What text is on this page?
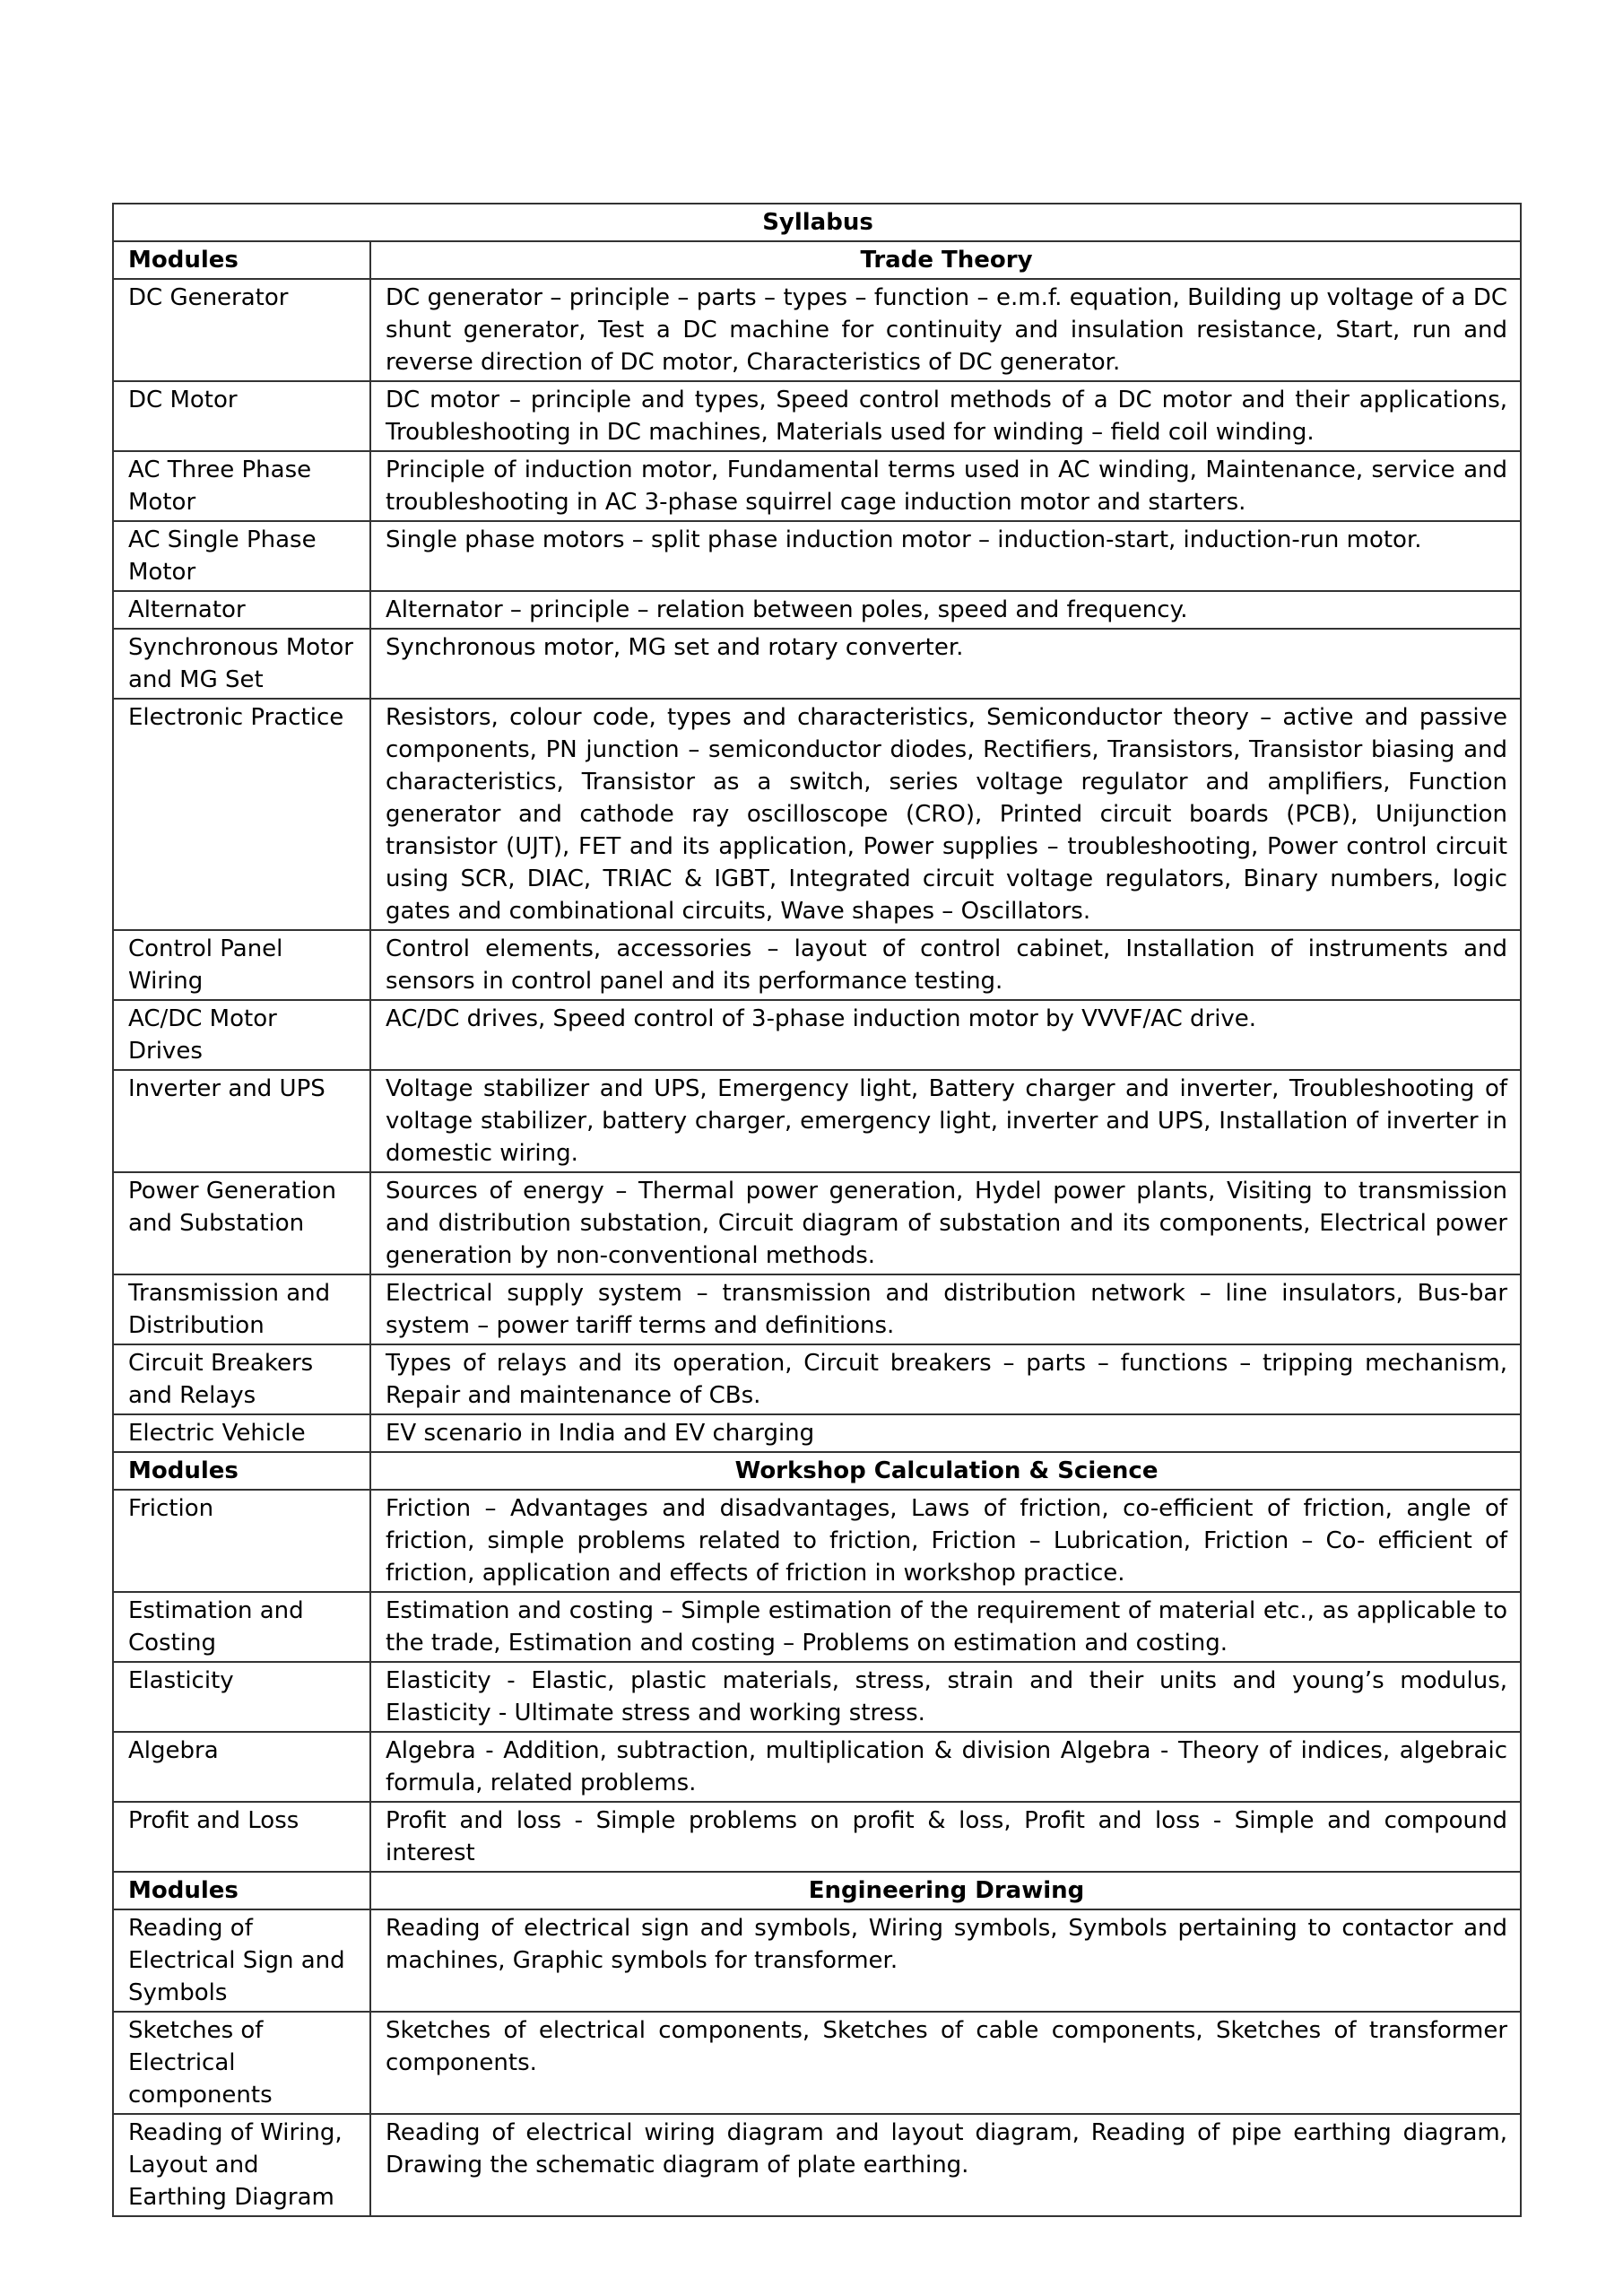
Syllabus	
Modules	Trade Theory
DC Generator	DC generator – principle – parts – types – function – e.m.f. equation, Building up voltage of a DC shunt generator, Test a DC machine for continuity and insulation resistance, Start, run and reverse direction of DC motor, Characteristics of DC generator.
DC Motor	DC motor – principle and types, Speed control methods of a DC motor and their applications, Troubleshooting in DC machines, Materials used for winding – field coil winding.
AC Three Phase Motor	Principle of induction motor, Fundamental terms used in AC winding, Maintenance, service and troubleshooting in AC 3-phase squirrel cage induction motor and starters.
AC Single Phase Motor	Single phase motors – split phase induction motor – induction-start, induction-run motor.
Alternator	Alternator – principle – relation between poles, speed and frequency.
Synchronous Motor and MG Set	Synchronous motor, MG set and rotary converter.
Electronic Practice	Resistors, colour code, types and characteristics, Semiconductor theory – active and passive components, PN junction – semiconductor diodes, Rectifiers, Transistors, Transistor biasing and characteristics, Transistor as a switch, series voltage regulator and amplifiers, Function generator and cathode ray oscilloscope (CRO), Printed circuit boards (PCB), Unijunction transistor (UJT), FET and its application, Power supplies – troubleshooting, Power control circuit using SCR, DIAC, TRIAC & IGBT, Integrated circuit voltage regulators, Binary numbers, logic gates and combinational circuits, Wave shapes – Oscillators.
Control Panel Wiring	Control elements, accessories – layout of control cabinet, Installation of instruments and sensors in control panel and its performance testing.
AC/DC Motor Drives	AC/DC drives, Speed control of 3-phase induction motor by VVVF/AC drive.
Inverter and UPS	Voltage stabilizer and UPS, Emergency light, Battery charger and inverter, Troubleshooting of voltage stabilizer, battery charger, emergency light, inverter and UPS, Installation of inverter in domestic wiring.
Power Generation and Substation	Sources of energy – Thermal power generation, Hydel power plants, Visiting to transmission and distribution substation, Circuit diagram of substation and its components, Electrical power generation by non-conventional methods.
Transmission and Distribution	Electrical supply system – transmission and distribution network – line insulators, Bus-bar system – power tariff terms and definitions.
Circuit Breakers and Relays	Types of relays and its operation, Circuit breakers – parts – functions – tripping mechanism, Repair and maintenance of CBs.
Electric Vehicle	EV scenario in India and EV charging
Modules	Workshop Calculation & Science
Friction	Friction – Advantages and disadvantages, Laws of friction, co-efficient of friction, angle of friction, simple problems related to friction, Friction – Lubrication, Friction – Co- efficient of friction, application and effects of friction in workshop practice.
Estimation and Costing	Estimation and costing – Simple estimation of the requirement of material etc., as applicable to the trade, Estimation and costing – Problems on estimation and costing.
Elasticity	Elasticity - Elastic, plastic materials, stress, strain and their units and young’s modulus, Elasticity - Ultimate stress and working stress.
Algebra	Algebra - Addition, subtraction, multiplication & division Algebra - Theory of indices, algebraic formula, related problems.
Profit and Loss	Profit and loss - Simple problems on profit & loss, Profit and loss - Simple and compound interest
Modules	Engineering Drawing
Reading of Electrical Sign and Symbols	Reading of electrical sign and symbols, Wiring symbols, Symbols pertaining to contactor and machines, Graphic symbols for transformer.
Sketches of Electrical components	Sketches of electrical components, Sketches of cable components, Sketches of transformer components.
Reading of Wiring, Layout and Earthing Diagram	Reading of electrical wiring diagram and layout diagram, Reading of pipe earthing diagram, Drawing the schematic diagram of plate earthing.
